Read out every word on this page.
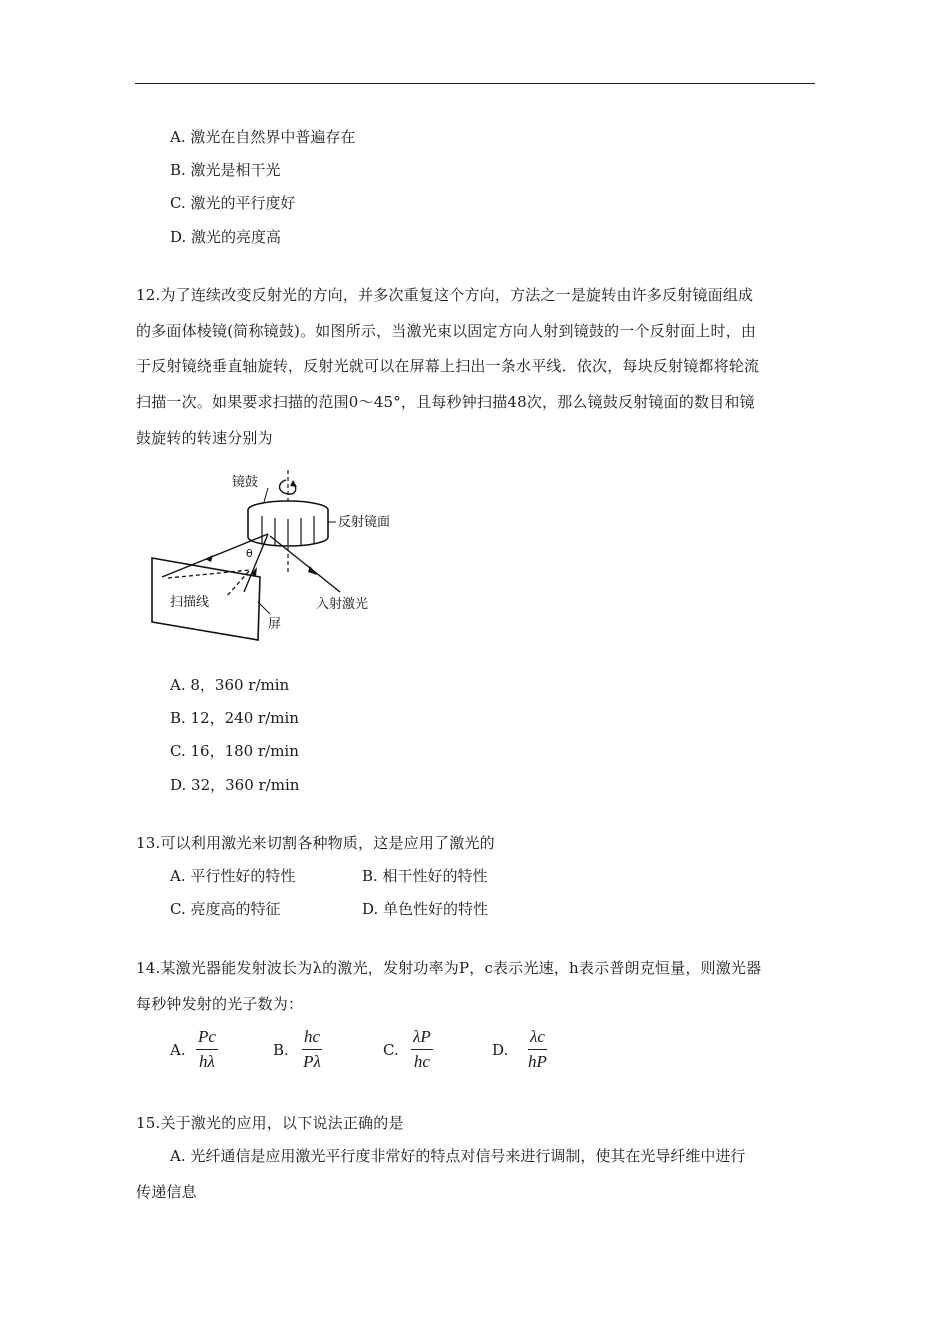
A. 激光在自然界中普遍存在
B. 激光是相干光
C. 激光的平行度好
D. 激光的亮度高
12.为了连续改变反射光的方向，并多次重复这个方向，方法之一是旋转由许多反射镜面组成
的多面体棱镜(简称镜鼓)。如图所示，当激光束以固定方向人射到镜鼓的一个反射面上时，由
于反射镜绕垂直轴旋转，反射光就可以在屏幕上扫出一条水平线．依次，每块反射镜都将轮流
扫描一次。如果要求扫描的范围0～45°，且每秒钟扫描48次，那么镜鼓反射镜面的数目和镜
鼓旋转的转速分别为
镜鼓
反射镜面
θ
扫描线	入射激光
屏
A. 8，360 r/min
B. 12，240 r/min
C. 16，180 r/min
D. 32，360 r/min
13.可以利用激光来切割各种物质，这是应用了激光的
A. 平行性好的特性	B. 相干性好的特性
C. 亮度高的特征	D. 单色性好的特性
14.某激光器能发射波长为λ的激光，发射功率为P，c表示光速，h表示普朗克恒量，则激光器
每秒钟发射的光子数为：
A. $\frac{Pc}{h\lambda}$	B. $\frac{hc}{P\lambda}$	C. $\frac{\lambda P}{hc}$	D. $\frac{\lambda c}{hP}$
15.关于激光的应用，以下说法正确的是
A. 光纤通信是应用激光平行度非常好的特点对信号来进行调制，使其在光导纤维中进行
传递信息
